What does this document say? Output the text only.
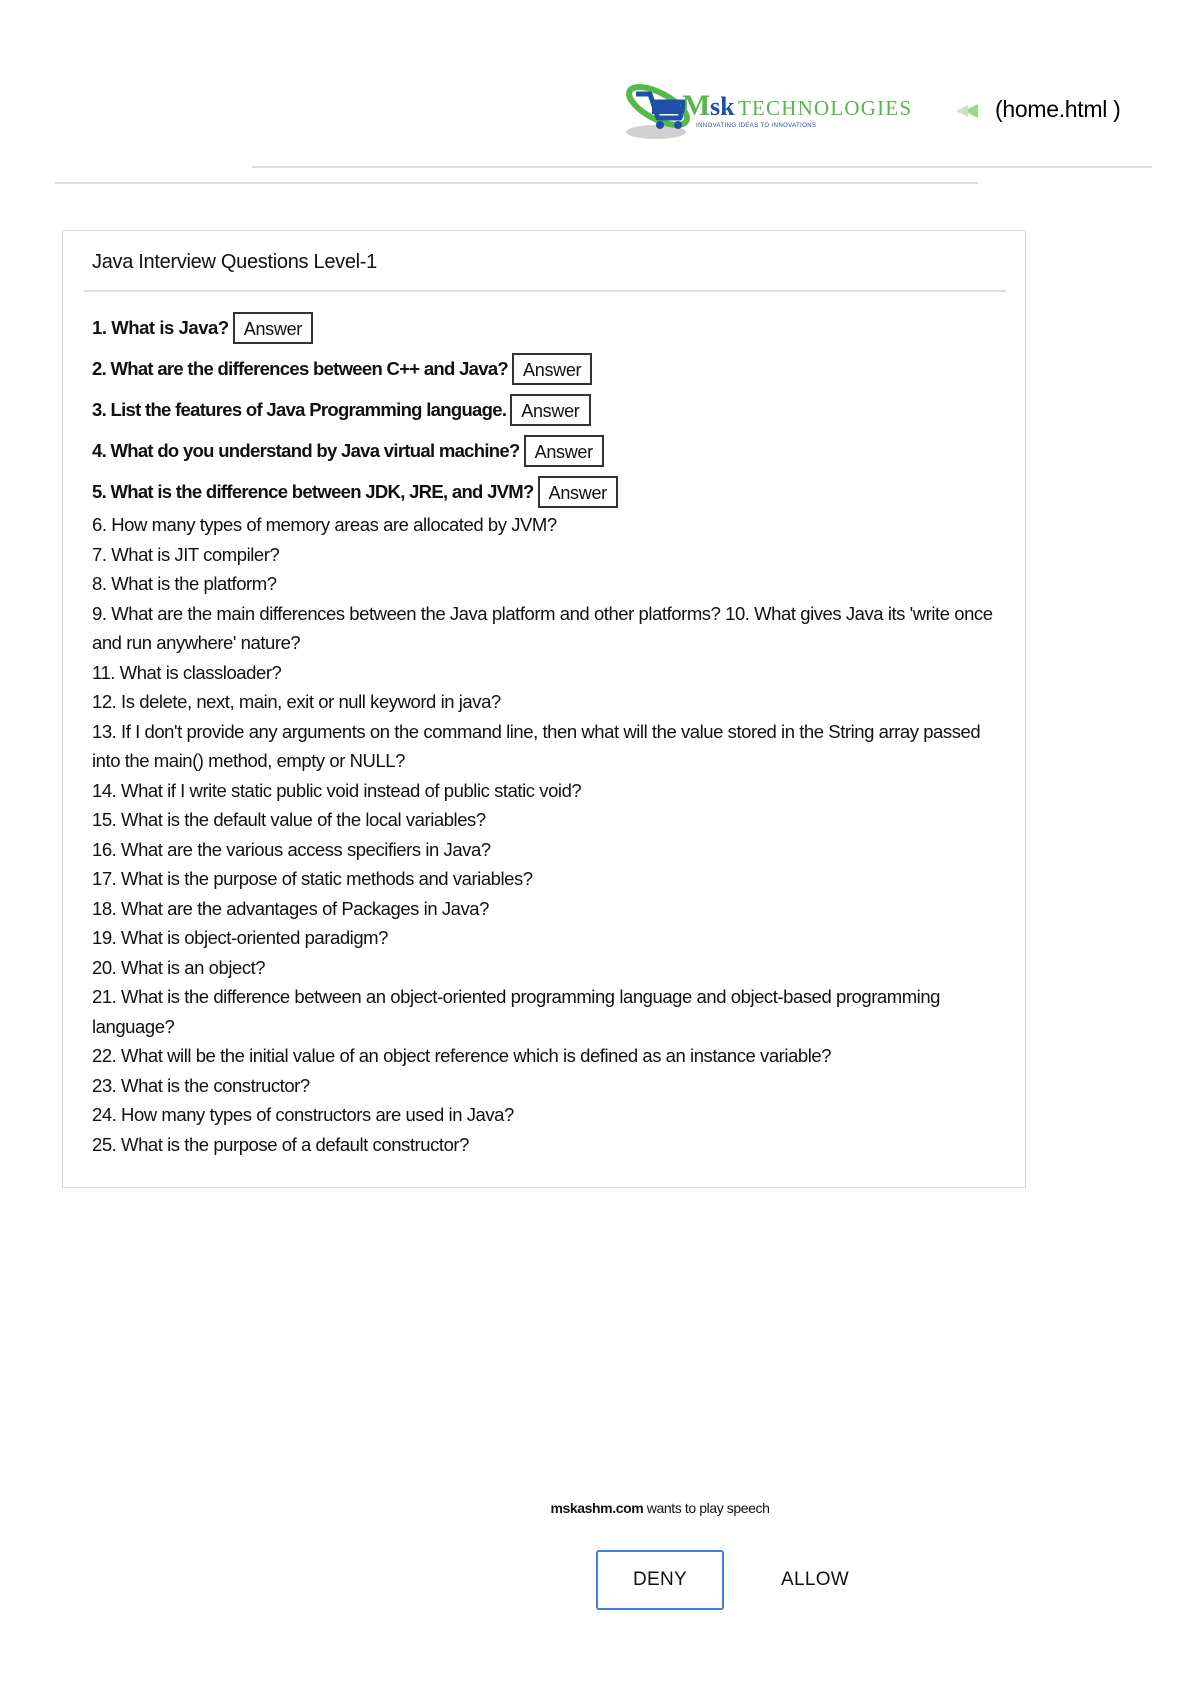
M sk TECHNOLOGIES
INNOVATING IDEAS TO INNOVATIONS
(home.html )
Java Interview Questions Level-1
1. What is Java? Answer
2. What are the differences between C++ and Java? Answer
3. List the features of Java Programming language. Answer
4. What do you understand by Java virtual machine? Answer
5. What is the difference between JDK, JRE, and JVM? Answer
6. How many types of memory areas are allocated by JVM?
7. What is JIT compiler?
8. What is the platform?
9. What are the main differences between the Java platform and other platforms? 10. What gives Java its 'write once and run anywhere' nature?
11. What is classloader?
12. Is delete, next, main, exit or null keyword in java?
13. If I don't provide any arguments on the command line, then what will the value stored in the String array passed into the main() method, empty or NULL?
14. What if I write static public void instead of public static void?
15. What is the default value of the local variables?
16. What are the various access specifiers in Java?
17. What is the purpose of static methods and variables?
18. What are the advantages of Packages in Java?
19. What is object-oriented paradigm?
20. What is an object?
21. What is the difference between an object-oriented programming language and object-based programming language?
22. What will be the initial value of an object reference which is defined as an instance variable?
23. What is the constructor?
24. How many types of constructors are used in Java?
25. What is the purpose of a default constructor?
mskashm.com wants to play speech
DENY	ALLOW
